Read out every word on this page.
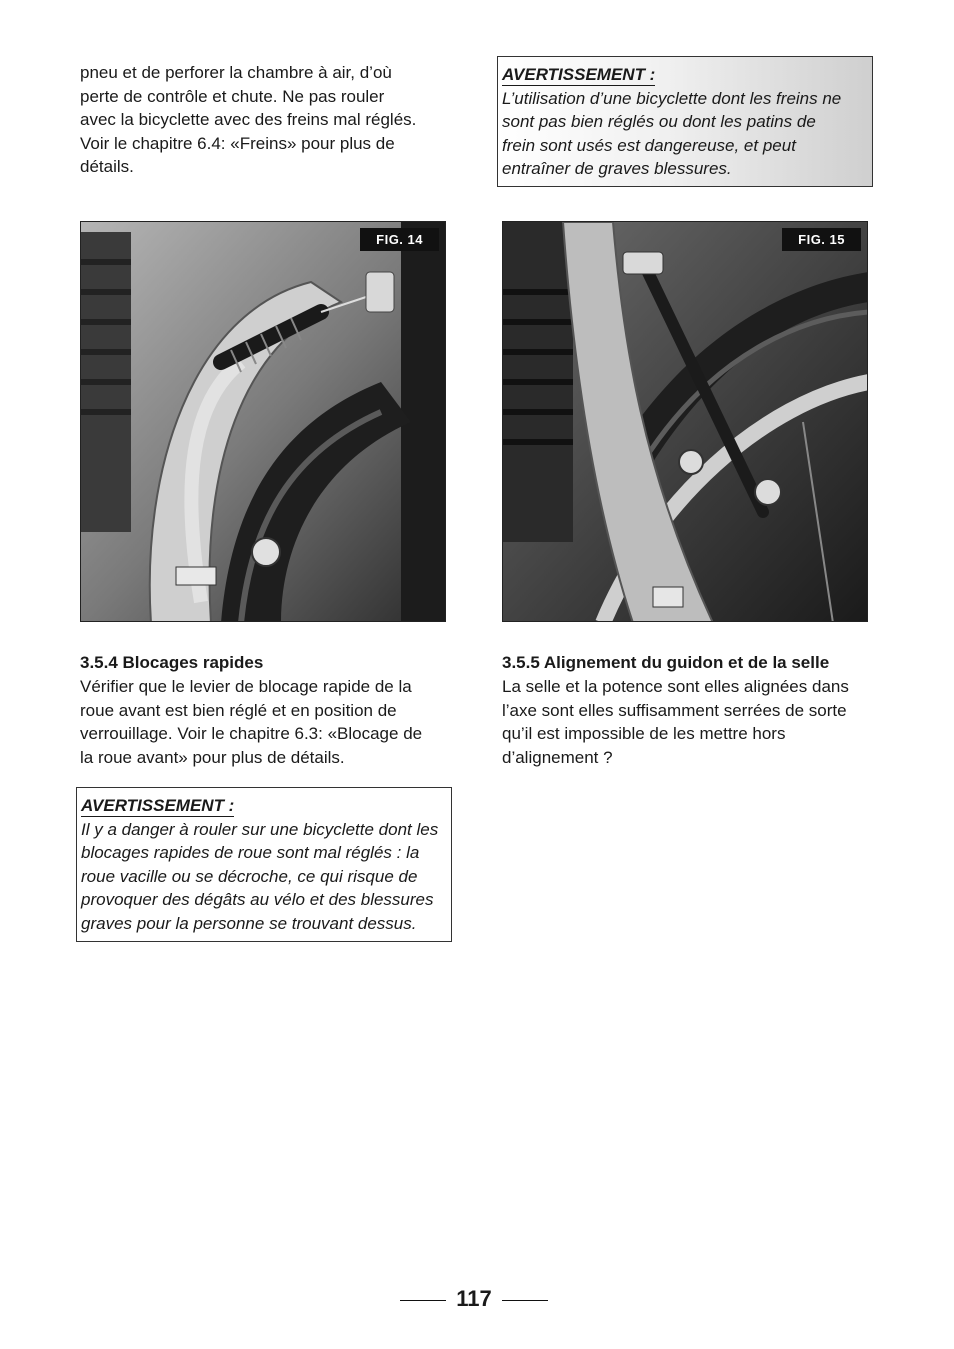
pneu et de perforer la chambre à air, d’où
perte de contrôle et chute. Ne pas rouler
avec la bicyclette avec des freins mal réglés.
Voir le chapitre 6.4: «Freins» pour plus de
détails.
AVERTISSEMENT :
L’utilisation d’une bicyclette dont les freins ne
sont pas bien réglés ou dont les patins de
frein sont usés est dangereuse, et peut
entraîner de graves blessures.
FIG. 14	FIG. 15
3.5.4 Blocages rapides
Vérifier que le levier de blocage rapide de la
roue avant est bien réglé et en position de
verrouillage. Voir le chapitre 6.3: «Blocage de
la roue avant» pour plus de détails.
AVERTISSEMENT :
Il y a danger à rouler sur une bicyclette dont les
blocages rapides de roue sont mal réglés : la
roue vacille ou se décroche, ce qui risque de
provoquer des dégâts au vélo et des blessures
graves pour la personne se trouvant dessus.
3.5.5 Alignement du guidon et de la selle
La selle et la potence sont elles alignées dans
l’axe sont elles suffisamment serrées de sorte
qu’il est impossible de les mettre hors
d’alignement ?
117
